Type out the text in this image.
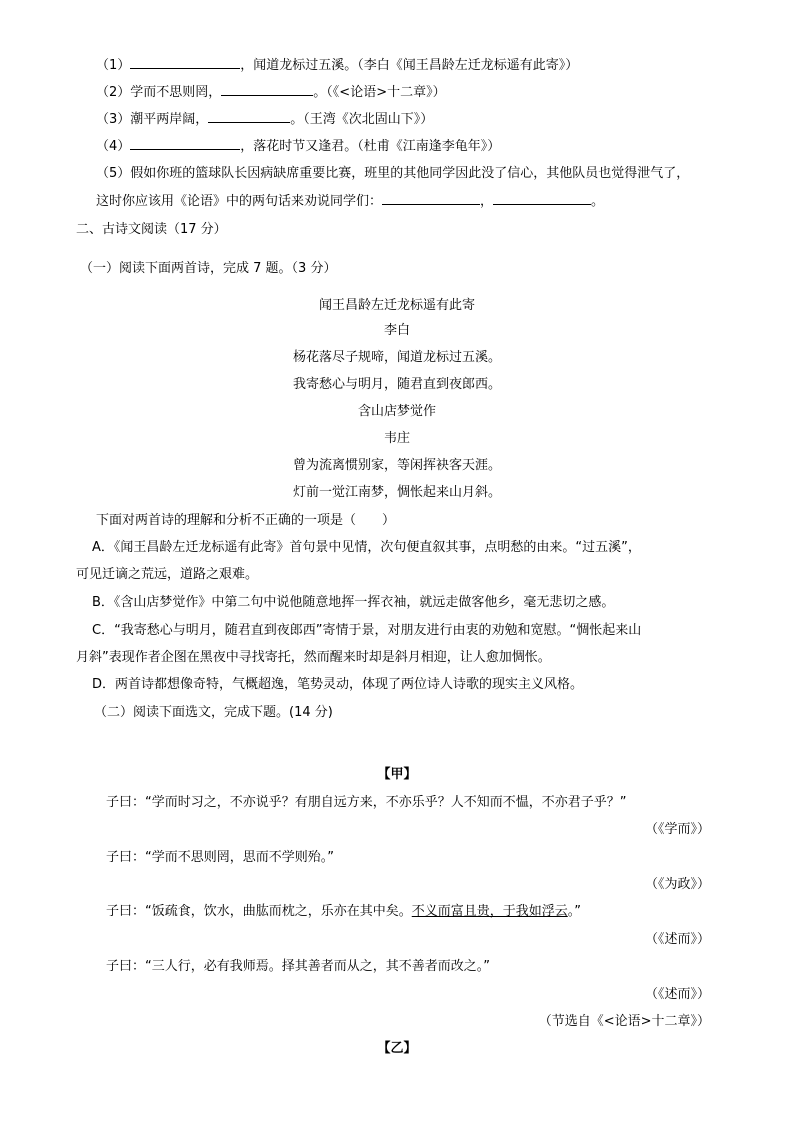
（1）	，闻道龙标过五溪。（李白《闻王昌龄左迁龙标遥有此寄》）
（2）学而不思则罔，	。（《<论语>十二章》）
（3）潮平两岸阔，	。（王湾《次北固山下》）
（4）	，落花时节又逢君。（杜甫《江南逢李龟年》）
（5）假如你班的篮球队长因病缺席重要比赛，班里的其他同学因此没了信心，其他队员也觉得泄气了，
这时你应该用《论语》中的两句话来劝说同学们：	，	。
二、古诗文阅读（17 分）
（一）阅读下面两首诗，完成 7 题。（3 分）
闻王昌龄左迁龙标遥有此寄
李白
杨花落尽子规啼，闻道龙标过五溪。
我寄愁心与明月，随君直到夜郎西。
含山店梦觉作
韦庄
曾为流离惯别家，等闲挥袂客天涯。
灯前一觉江南梦，惆怅起来山月斜。
下面对两首诗的理解和分析不正确的一项是（　　）
A．《闻王昌龄左迁龙标遥有此寄》首句景中见情，次句便直叙其事，点明愁的由来。“过五溪”，
可见迁谪之荒远，道路之艰难。
B．《含山店梦觉作》中第二句中说他随意地挥一挥衣袖，就远走做客他乡，毫无悲切之感。
C．“我寄愁心与明月，随君直到夜郎西”寄情于景，对朋友进行由衷的劝勉和宽慰。“惆怅起来山
月斜”表现作者企图在黑夜中寻找寄托，然而醒来时却是斜月相迎，让人愈加惆怅。
D．两首诗都想像奇特，气概超逸，笔势灵动，体现了两位诗人诗歌的现实主义风格。
（二）阅读下面选文，完成下题。(14 分)
【甲】
子曰：“学而时习之，不亦说乎？有朋自远方来，不亦乐乎？人不知而不愠，不亦君子乎？”
（《学而》）
子曰：“学而不思则罔，思而不学则殆。”
（《为政》）
子曰：“饭疏食，饮水，曲肱而枕之，乐亦在其中矣。不义而富且贵，于我如浮云。”
（《述而》）
子曰：“三人行，必有我师焉。择其善者而从之，其不善者而改之。”
（《述而》）
（节选自《<论语>十二章》）
【乙】
